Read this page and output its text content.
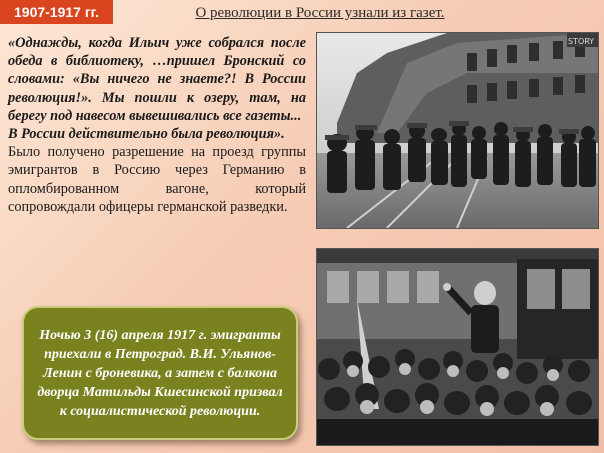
1907-1917 гг.	О революции в России узнали из газет.

«Однажды, когда Ильич уже собрался после обеда в библиотеку, …пришел Бронский со словами: «Вы ничего не знаете?! В России революция!». Мы пошли к озеру, там, на берегу под навесом вывешивались все газеты...

В России действительно была революция».

Было получено разрешение на проезд группы эмигрантов в Россию через Германию в опломбированном вагоне, который сопровождали офицеры германской разведки.

Ночью 3 (16) апреля 1917 г. эмигранты приехали в Петроград. В.И. Ульянов-Ленин с броневика, а затем с балкона дворца Матильды Кшесинской призвал к социалистической революции.

STORY
